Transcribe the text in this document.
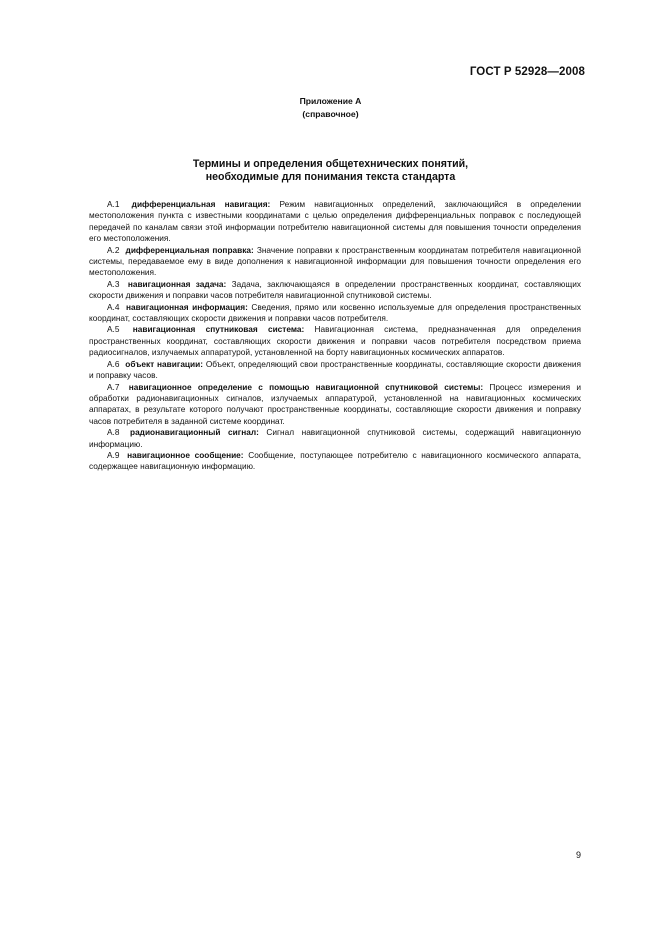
ГОСТ Р 52928—2008
Приложение А
(справочное)
Термины и определения общетехнических понятий,
необходимые для понимания текста стандарта

А.1 дифференциальная навигация: Режим навигационных определений, заключающийся в определении местоположения пункта с известными координатами с целью определения дифференциальных поправок с последующей передачей по каналам связи этой информации потребителю навигационной системы для повышения точности определения его местоположения.

А.2 дифференциальная поправка: Значение поправки к пространственным координатам потребителя навигационной системы, передаваемое ему в виде дополнения к навигационной информации для повышения точности определения его местоположения.

А.3 навигационная задача: Задача, заключающаяся в определении пространственных координат, составляющих скорости движения и поправки часов потребителя навигационной спутниковой системы.

А.4 навигационная информация: Сведения, прямо или косвенно используемые для определения пространственных координат, составляющих скорости движения и поправки часов потребителя.

А.5 навигационная спутниковая система: Навигационная система, предназначенная для определения пространственных координат, составляющих скорости движения и поправки часов потребителя посредством приема радиосигналов, излучаемых аппаратурой, установленной на борту навигационных космических аппаратов.

А.6 объект навигации: Объект, определяющий свои пространственные координаты, составляющие скорости движения и поправку часов.

А.7 навигационное определение с помощью навигационной спутниковой системы: Процесс измерения и обработки радионавигационных сигналов, излучаемых аппаратурой, установленной на навигационных космических аппаратах, в результате которого получают пространственные координаты, составляющие скорости движения и поправку часов потребителя в заданной системе координат.

А.8 радионавигационный сигнал: Сигнал навигационной спутниковой системы, содержащий навигационную информацию.

А.9 навигационное сообщение: Сообщение, поступающее потребителю с навигационного космического аппарата, содержащее навигационную информацию.

9
